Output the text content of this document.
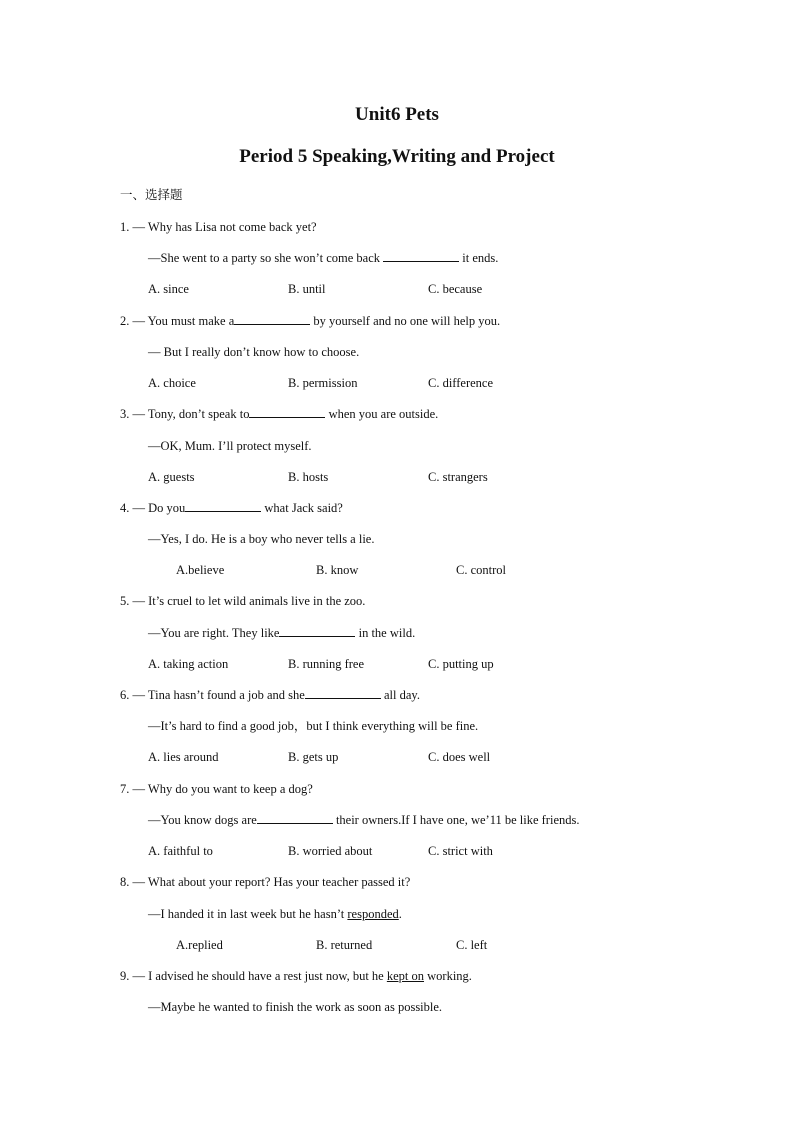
Unit6 Pets
Period 5 Speaking,Writing and Project
一、选择题
1. — Why has Lisa not come back yet?
—She went to a party so she won’t come back	it ends.
A. since	B. until	C. because
2. — You must make a	by yourself and no one will help you.
— But I really don’t know how to choose.
A. choice	B. permission	C. difference
3. — Tony, don’t speak to	when you are outside.
—OK, Mum. I’ll protect myself.
A. guests	B. hosts	C. strangers
4. — Do you	what Jack said?
—Yes, I do. He is a boy who never tells a lie.
A.believe	B. know	C. control
5. — It’s cruel to let wild animals live in the zoo.
—You are right. They like	in the wild.
A. taking action	B. running free	C. putting up
6. — Tina hasn’t found a job and she	all day.
—It’s hard to find a good job，but I think everything will be fine.
A. lies around	B. gets up	C. does well
7. — Why do you want to keep a dog?
—You know dogs are	their owners.If I have one, we’11 be like friends.
A. faithful to	B. worried about	C. strict with
8. — What about your report? Has your teacher passed it?
—I handed it in last week but he hasn’t responded.
A.replied	B. returned	C. left
9. — I advised he should have a rest just now, but he kept on working.
—Maybe he wanted to finish the work as soon as possible.
